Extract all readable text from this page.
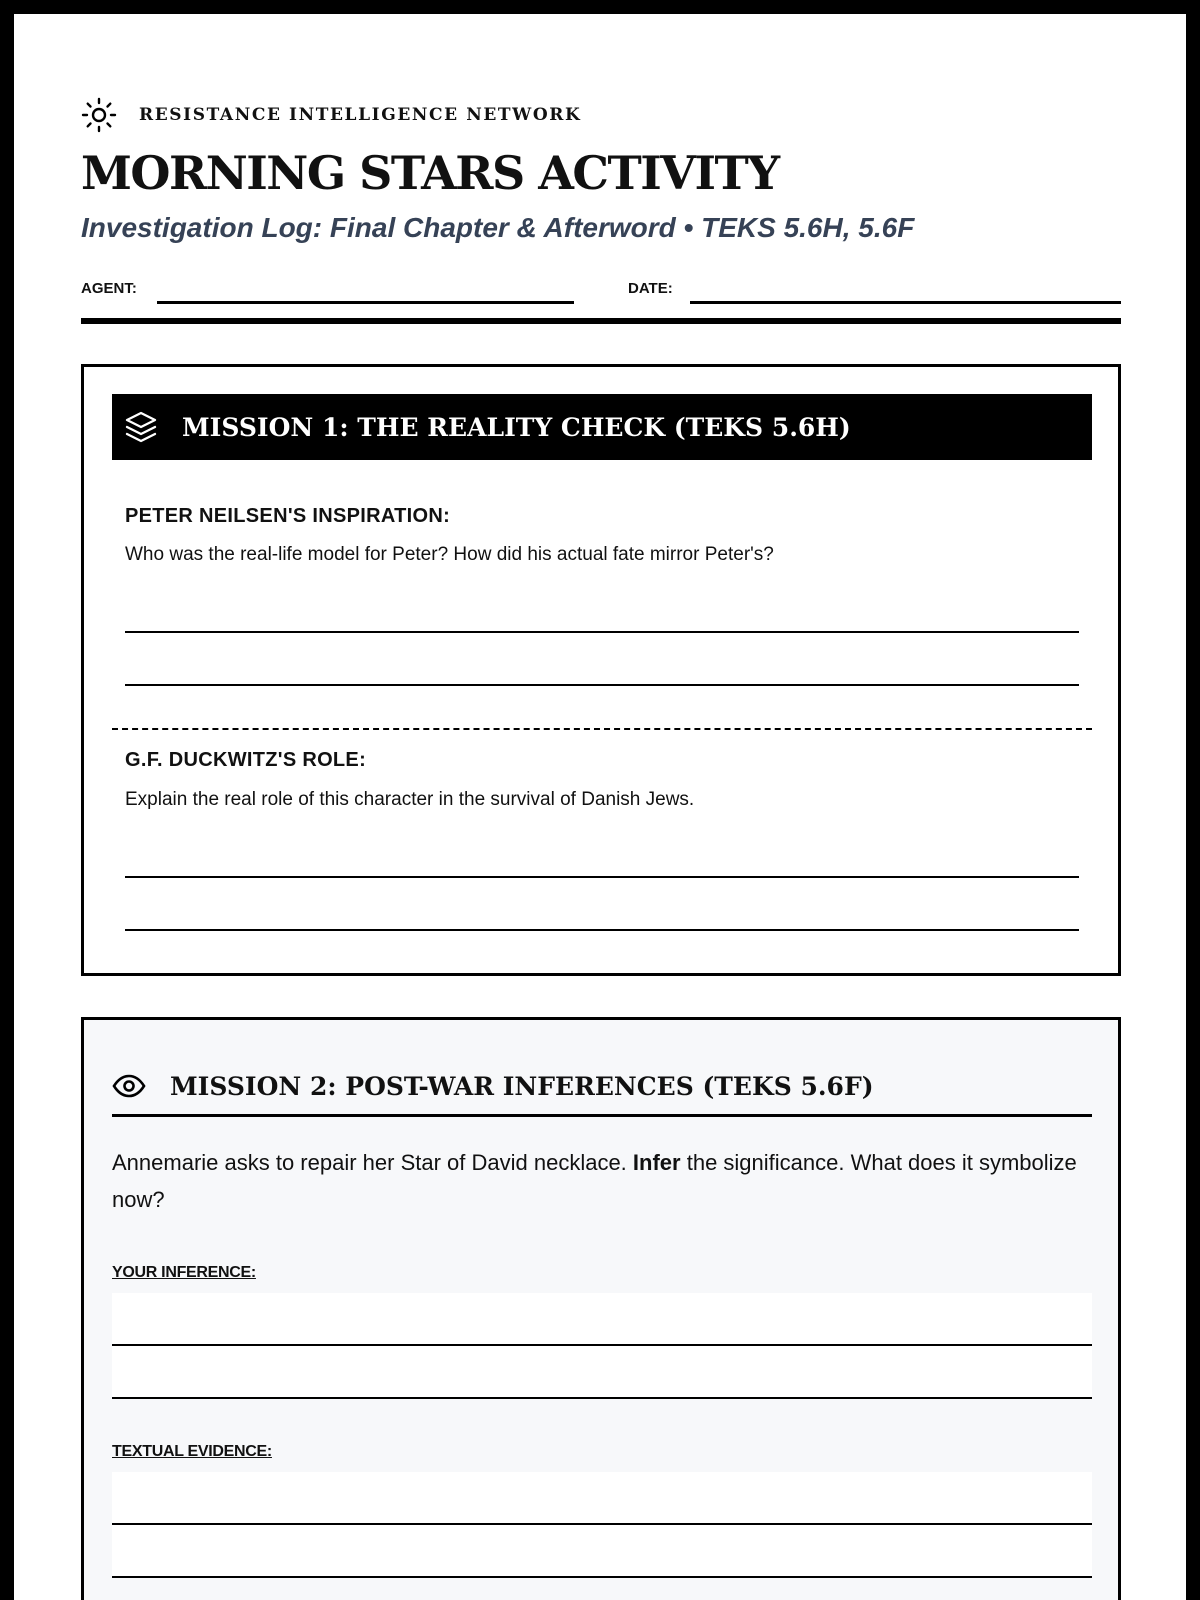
RESISTANCE INTELLIGENCE NETWORK
MORNING STARS ACTIVITY

Investigation Log: Final Chapter & Afterword • TEKS 5.6H, 5.6F

AGENT:	DATE:
MISSION 1: THE REALITY CHECK (TEKS 5.6H)
PETER NEILSEN'S INSPIRATION:
Who was the real-life model for Peter? How did his actual fate mirror Peter's?
G.F. DUCKWITZ'S ROLE:
Explain the real role of this character in the survival of Danish Jews.
MISSION 2: POST-WAR INFERENCES (TEKS 5.6F)

Annemarie asks to repair her Star of David necklace. Infer the significance. What does it symbolize now?

YOUR INFERENCE:
TEXTUAL EVIDENCE:
